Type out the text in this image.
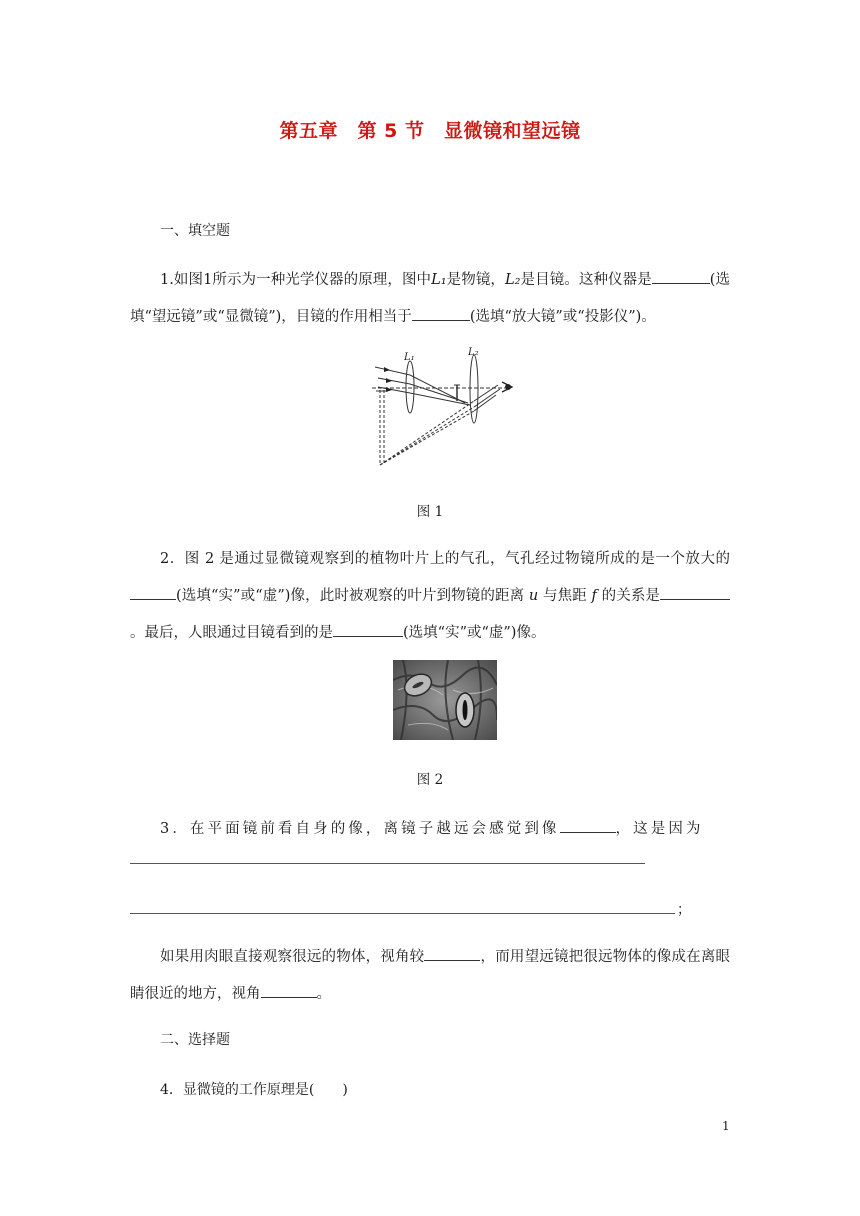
第五章　第 5 节　显微镜和望远镜
一、填空题
1.如图1所示为一种光学仪器的原理，图中L₁是物镜，L₂是目镜。这种仪器是	(选填“望远镜”或“显微镜”)，目镜的作用相当于	(选填“放大镜”或“投影仪”)。
L₁	L₂
图 1
2．图 2 是通过显微镜观察到的植物叶片上的气孔，气孔经过物镜所成的是一个放大的(选填“实”或“虚”)像，此时被观察的叶片到物镜的距离 u 与焦距 f 的关系是。最后，人眼通过目镜看到的是	(选填“实”或“虚”)像。
图 2
3．在平面镜前看自身的像，离镜子越远会感觉到像	，这是因为
；
如果用肉眼直接观察很远的物体，视角较	，而用望远镜把很远物体的像成在离眼睛很近的地方，视角	。
二、选择题
4．显微镜的工作原理是(　　)
1
